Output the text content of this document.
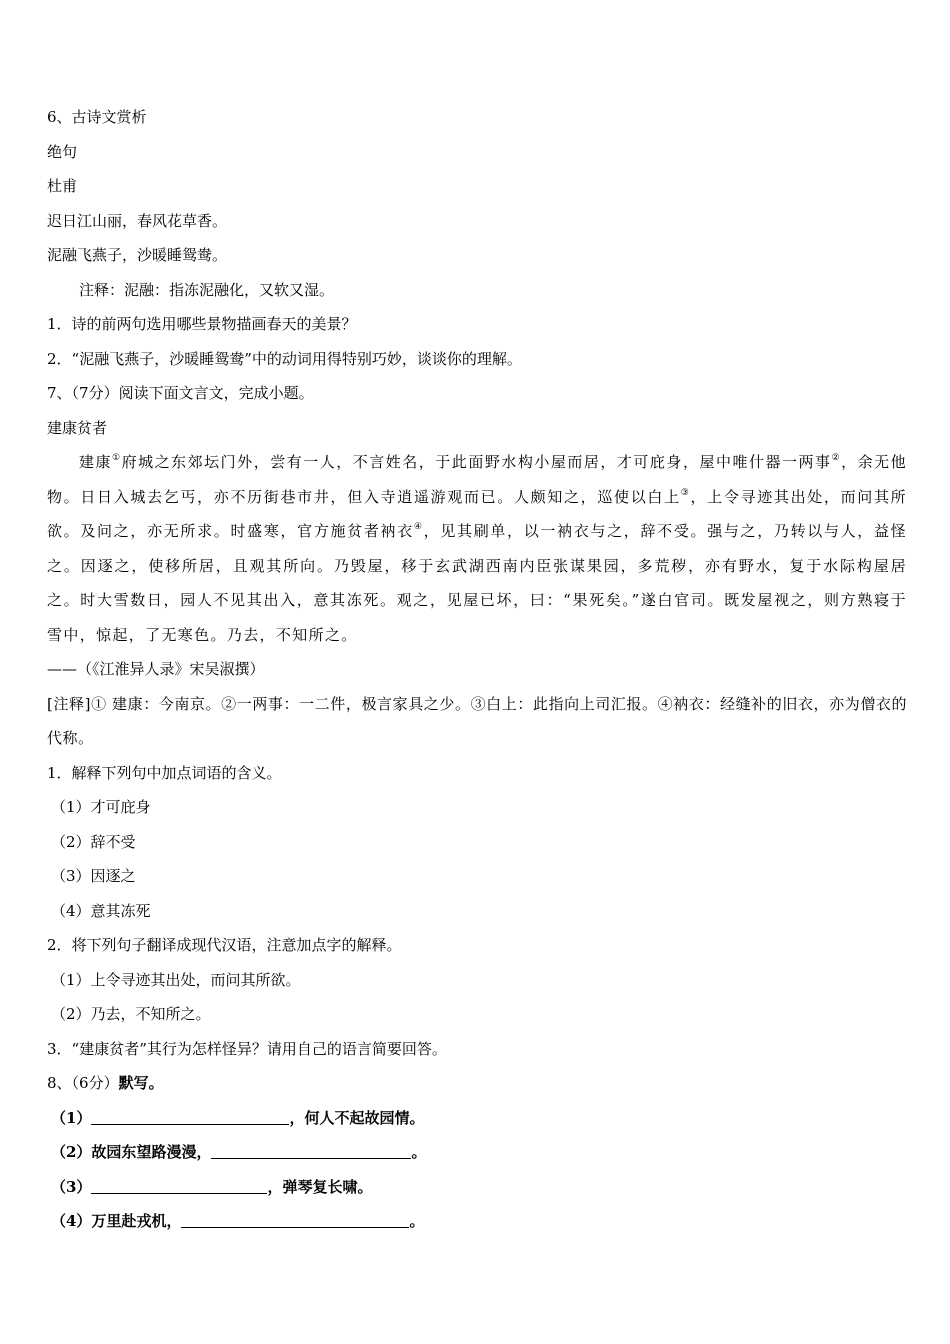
6、古诗文赏析
绝句
杜甫
迟日江山丽，春风花草香。
泥融飞燕子，沙暖睡鸳鸯。
注释：泥融：指冻泥融化，又软又湿。
1．诗的前两句选用哪些景物描画春天的美景？
2．“泥融飞燕子，沙暖睡鸳鸯”中的动词用得特别巧妙，谈谈你的理解。
7、（7分）阅读下面文言文，完成小题。
建康贫者
建康①府城之东郊坛门外，尝有一人，不言姓名，于此面野水构小屋而居，才可庇身，屋中唯什器一两事②，余无他物。日日入城去乞丐，亦不历街巷市井，但入寺逍遥游观而已。人颇知之，巡使以白上③，上令寻迹其出处，而问其所欲。及问之，亦无所求。时盛寒，官方施贫者衲衣④，见其刷单，以一衲衣与之，辞不受。强与之，乃转以与人，益怪之。因逐之，使移所居，且观其所向。乃毁屋，移于玄武湖西南内臣张谋果园，多荒秽，亦有野水，复于水际构屋居之。时大雪数日，园人不见其出入，意其冻死。观之，见屋已坏，曰：“果死矣。”遂白官司。既发屋视之，则方熟寝于雪中，惊起，了无寒色。乃去，不知所之。
——（《江淮异人录》宋吴淑撰）
[注释]① 建康：今南京。②一两事：一二件，极言家具之少。③白上：此指向上司汇报。④衲衣：经缝补的旧衣，亦为僧衣的代称。
1．解释下列句中加点词语的含义。
（1）才可庇身
（2）辞不受
（3）因逐之
（4）意其冻死
2．将下列句子翻译成现代汉语，注意加点字的解释。
（1）上令寻迹其出处，而问其所欲。
（2）乃去，不知所之。
3．“建康贫者”其行为怎样怪异？请用自己的语言简要回答。
8、（6分）默写。
（1）	，何人不起故园情。
（2）故园东望路漫漫，	。
（3）	，弹琴复长啸。
（4）万里赴戎机，	。
